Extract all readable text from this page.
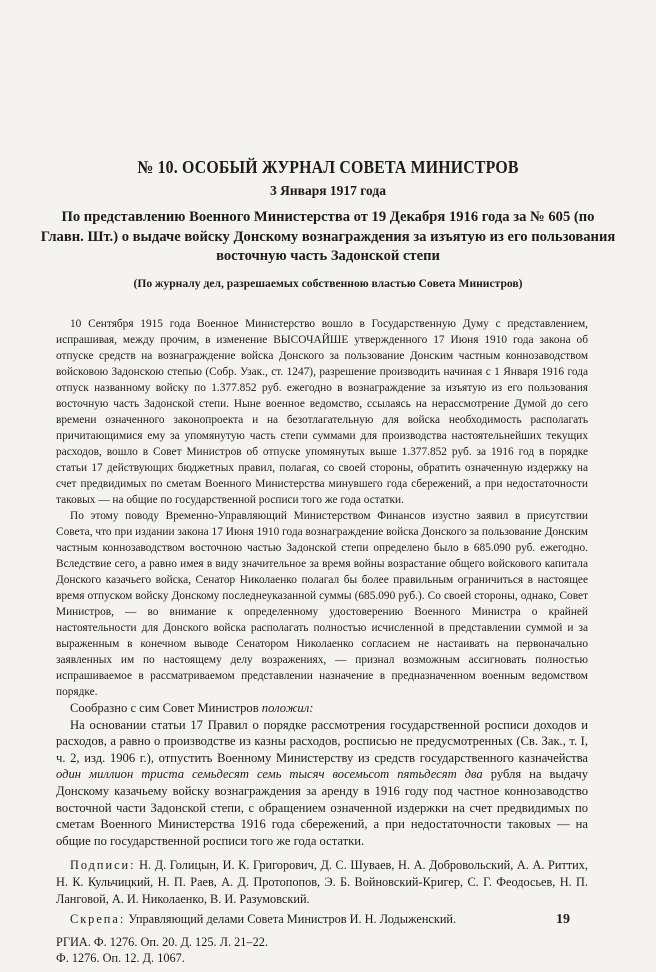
№ 10. ОСОБЫЙ ЖУРНАЛ СОВЕТА МИНИСТРОВ
3 Января 1917 года
По представлению Военного Министерства от 19 Декабря 1916 года за № 605 (по Главн. Шт.) о выдаче войску Донскому вознаграждения за изъятую из его пользования восточную часть Задонской степи
(По журналу дел, разрешаемых собственною властью Совета Министров)

10 Сентября 1915 года Военное Министерство вошло в Государственную Думу с представлением, испрашивая, между прочим, в изменение ВЫСОЧАЙШЕ утвержденного 17 Июня 1910 года закона об отпуске средств на вознаграждение войска Донского за пользование Донским частным коннозаводством войсковою Задонскою степью (Собр. Узак., ст. 1247), разрешение производить начиная с 1 Января 1916 года отпуск названному войску по 1.377.852 руб. ежегодно в вознаграждение за изъятую из его пользования восточную часть Задонской степи. Ныне военное ведомство, ссылаясь на нерассмотрение Думой до сего времени означенного законопроекта и на безотлагательную для войска необходимость располагать причитающимися ему за упомянутую часть степи суммами для производства настоятельнейших текущих расходов, вошло в Совет Министров об отпуске упомянутых выше 1.377.852 руб. за 1916 год в порядке статьи 17 действующих бюджетных правил, полагая, со своей стороны, обратить означенную издержку на счет предвидимых по сметам Военного Министерства минувшего года сбережений, а при недостаточности таковых — на общие по государственной росписи того же года остатки.

По этому поводу Временно-Управляющий Министерством Финансов изустно заявил в присутствии Совета, что при издании закона 17 Июня 1910 года вознаграждение войска Донского за пользование Донским частным коннозаводством восточною частью Задонской степи определено было в 685.090 руб. ежегодно. Вследствие сего, а равно имея в виду значительное за время войны возрастание общего войскового капитала Донского казачьего войска, Сенатор Николаенко полагал бы более правильным ограничиться в настоящее время отпуском войску Донскому последнеуказанной суммы (685.090 руб.). Со своей стороны, однако, Совет Министров, — во внимание к определенному удостоверению Военного Министра о крайней настоятельности для Донского войска располагать полностью исчисленной в представлении суммой и за выраженным в конечном выводе Сенатором Николаенко согласием не настаивать на первоначально заявленных им по настоящему делу возражениях, — признал возможным ассигновать полностью испрашиваемое в рассматриваемом представлении назначение в предназначенном военным ведомством порядке.

Сообразно с сим Совет Министров положил:

На основании статьи 17 Правил о порядке рассмотрения государственной росписи доходов и расходов, а равно о производстве из казны расходов, росписью не предусмотренных (Св. Зак., т. I, ч. 2, изд. 1906 г.), отпустить Военному Министерству из средств государственного казначейства один миллион триста семьдесят семь тысяч восемьсот пятьдесят два рубля на выдачу Донскому казачьему войску вознаграждения за аренду в 1916 году под частное коннозаводство восточной части Задонской степи, с обращением означенной издержки на счет предвидимых по сметам Военного Министерства 1916 года сбережений, а при недостаточности таковых — на общие по государственной росписи того же года остатки.

Подписи: Н. Д. Голицын, И. К. Григорович, Д. С. Шуваев, Н. А. Добровольский, А. А. Риттих, Н. К. Кульчицкий, Н. П. Раев, А. Д. Протопопов, Э. Б. Войновский-Кригер, С. Г. Феодосьев, Н. П. Ланговой, А. И. Николаенко, В. И. Разумовский.

Скрепа: Управляющий делами Совета Министров И. Н. Лодыженский.

РГИА. Ф. 1276. Оп. 20. Д. 125. Л. 21–22.

Ф. 1276. Оп. 12. Д. 1067.

19
